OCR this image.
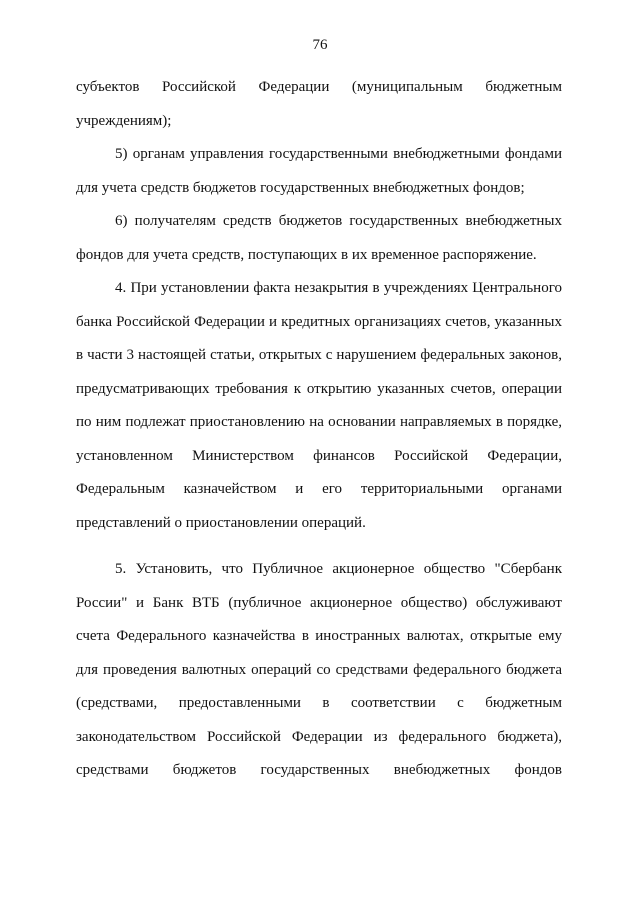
76
субъектов Российской Федерации (муниципальным бюджетным
учреждениям);
5) органам управления государственными внебюджетными фондами
для учета средств бюджетов государственных внебюджетных фондов;
6) получателям средств бюджетов государственных внебюджетных
фондов для учета средств, поступающих в их временное распоряжение.
4. При установлении факта незакрытия в учреждениях Центрального
банка Российской Федерации и кредитных организациях счетов, указанных
в части 3 настоящей статьи, открытых с нарушением федеральных законов,
предусматривающих требования к открытию указанных счетов, операции
по ним подлежат приостановлению на основании направляемых в порядке,
установленном Министерством финансов Российской Федерации,
Федеральным казначейством и его территориальными органами
представлений о приостановлении операций.
5. Установить, что Публичное акционерное общество "Сбербанк
России" и Банк ВТБ (публичное акционерное общество) обслуживают
счета Федерального казначейства в иностранных валютах, открытые ему
для проведения валютных операций со средствами федерального бюджета
(средствами, предоставленными в соответствии с бюджетным
законодательством Российской Федерации из федерального бюджета),
средствами бюджетов государственных внебюджетных фондов
